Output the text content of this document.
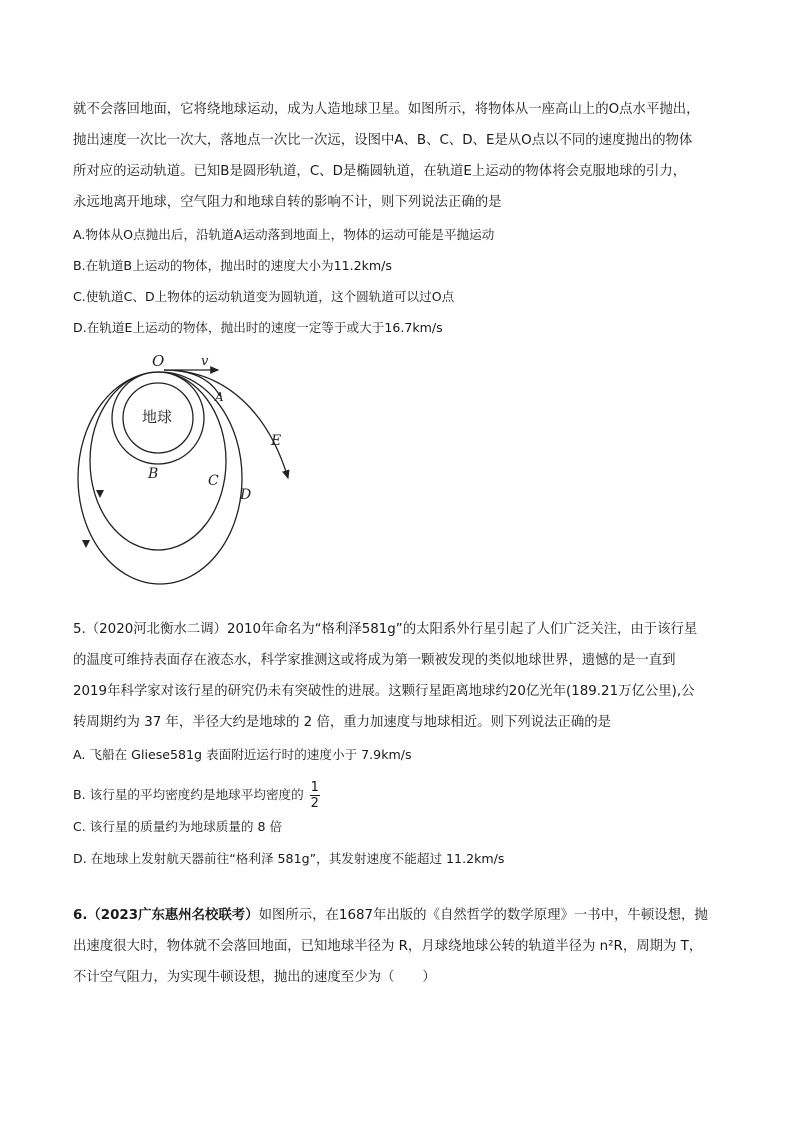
就不会落回地面，它将绕地球运动，成为人造地球卫星。如图所示，将物体从一座高山上的O点水平抛出，
抛出速度一次比一次大，落地点一次比一次远，设图中A、B、C、D、E是从O点以不同的速度抛出的物体
所对应的运动轨道。已知B是圆形轨道，C、D是椭圆轨道，在轨道E上运动的物体将会克服地球的引力，
永远地离开地球，空气阻力和地球自转的影响不计，则下列说法正确的是
A.物体从O点抛出后，沿轨道A运动落到地面上，物体的运动可能是平抛运动
B.在轨道B上运动的物体，抛出时的速度大小为11.2km/s
C.使轨道C、D上物体的运动轨道变为圆轨道，这个圆轨道可以过O点
D.在轨道E上运动的物体，抛出时的速度一定等于或大于16.7km/s
O	v
A
B	C
D
E
地球
5.（2020河北衡水二调）2010年命名为“格利泽581g”的太阳系外行星引起了人们广泛关注，由于该行星
的温度可维持表面存在液态水，科学家推测这或将成为第一颗被发现的类似地球世界，遗憾的是一直到
2019年科学家对该行星的研究仍未有突破性的进展。这颗行星距离地球约20亿光年(189.21万亿公里),公
转周期约为 37 年，半径大约是地球的 2 倍，重力加速度与地球相近。则下列说法正确的是
A. 飞船在 Gliese581g 表面附近运行时的速度小于 7.9km/s
B. 该行星的平均密度约是地球平均密度的 $\frac{1}{2}$
C. 该行星的质量约为地球质量的 8 倍
D. 在地球上发射航天器前往“格利泽 581g”，其发射速度不能超过 11.2km/s
6.（2023广东惠州名校联考）如图所示，在1687年出版的《自然哲学的数学原理》一书中，牛顿设想，抛
出速度很大时，物体就不会落回地面，已知地球半径为 R，月球绕地球公转的轨道半径为 n²R，周期为 T，
不计空气阻力，为实现牛顿设想，抛出的速度至少为（ ）
